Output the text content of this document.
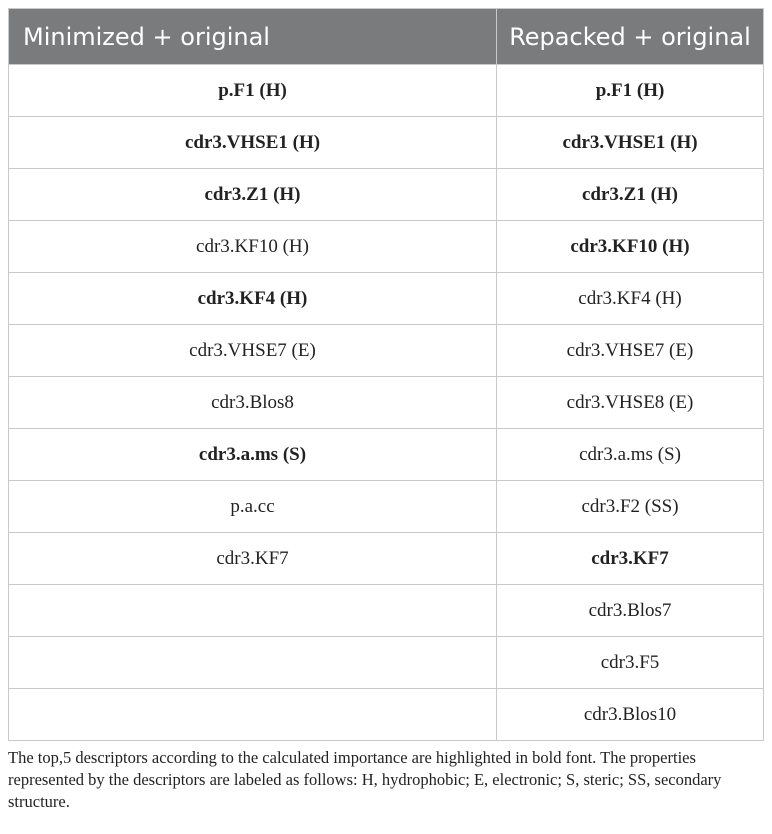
Minimized + original	Repacked + original
p.F1 (H)	p.F1 (H)
cdr3.VHSE1 (H)	cdr3.VHSE1 (H)
cdr3.Z1 (H)	cdr3.Z1 (H)
cdr3.KF10 (H)	cdr3.KF10 (H)
cdr3.KF4 (H)	cdr3.KF4 (H)
cdr3.VHSE7 (E)	cdr3.VHSE7 (E)
cdr3.Blos8	cdr3.VHSE8 (E)
cdr3.a.ms (S)	cdr3.a.ms (S)
p.a.cc	cdr3.F2 (SS)
cdr3.KF7	cdr3.KF7
	cdr3.Blos7
	cdr3.F5
	cdr3.Blos10

The top,5 descriptors according to the calculated importance are highlighted in bold font. The properties represented by the descriptors are labeled as follows: H, hydrophobic; E, electronic; S, steric; SS, secondary structure.
